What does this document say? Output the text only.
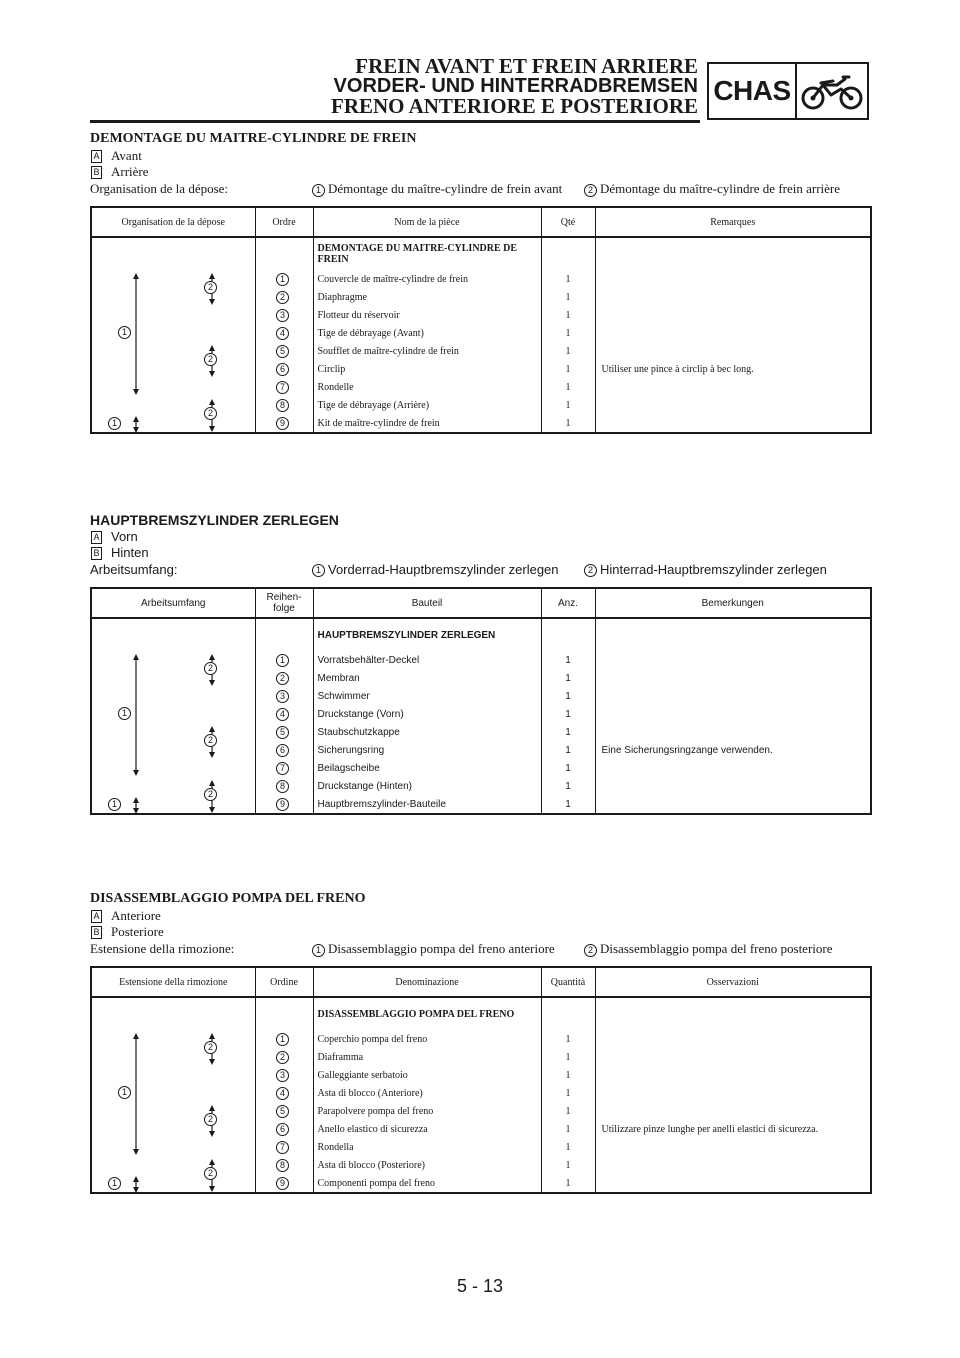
FREIN AVANT ET FREIN ARRIERE
VORDER- UND HINTERRADBREMSEN
FRENO ANTERIORE E POSTERIORE CHAS
DEMONTAGE DU MAITRE-CYLINDRE DE FREIN
A Avant
B Arrière
Organisation de la dépose:	1 Démontage du maître-cylindre de frein avant	2 Démontage du maître-cylindre de frein arrière
Organisation de la dépose	Ordre	Nom de la pièce	Qté	Remarques

1
1
2
2
2		DEMONTAGE DU MAITRE-CYLINDRE DE FREIN		
	1	Couvercle de maître-cylindre de frein	1	
	2	Diaphragme	1	
	3	Flotteur du réservoir	1	
	4	Tige de débrayage (Avant)	1	
	5	Soufflet de maître-cylindre de frein	1	
	6	Circlip	1	Utiliser une pince à circlip à bec long.
	7	Rondelle	1	
	8	Tige de débrayage (Arrière)	1	
	9	Kit de maître-cylindre de frein	1	
HAUPTBREMSZYLINDER ZERLEGEN
A Vorn
B Hinten
Arbeitsumfang:	1 Vorderrad-Hauptbremszylinder zerlegen	2 Hinterrad-Hauptbremszylinder zerlegen
Arbeitsumfang	Reihen-
folge	Bauteil	Anz.	Bemerkungen

1
1
2
2
2		HAUPTBREMSZYLINDER ZERLEGEN		
	1	Vorratsbehälter-Deckel	1	
	2	Membran	1	
	3	Schwimmer	1	
	4	Druckstange (Vorn)	1	
	5	Staubschutzkappe	1	
	6	Sicherungsring	1	Eine Sicherungsringzange verwenden.
	7	Beilagscheibe	1	
	8	Druckstange (Hinten)	1	
	9	Hauptbremszylinder-Bauteile	1	
DISASSEMBLAGGIO POMPA DEL FRENO
A Anteriore
B Posteriore
Estensione della rimozione:	1 Disassemblaggio pompa del freno anteriore	2 Disassemblaggio pompa del freno posteriore
Estensione della rimozione	Ordine	Denominazione	Quantità	Osservazioni

1
1
2
2
2		DISASSEMBLAGGIO POMPA DEL FRENO		
	1	Coperchio pompa del freno	1	
	2	Diaframma	1	
	3	Galleggiante serbatoio	1	
	4	Asta di blocco (Anteriore)	1	
	5	Parapolvere pompa del freno	1	
	6	Anello elastico di sicurezza	1	Utilizzare pinze lunghe per anelli elastici di sicurezza.
	7	Rondella	1	
	8	Asta di blocco (Posteriore)	1	
	9	Componenti pompa del freno	1	
5 - 13
